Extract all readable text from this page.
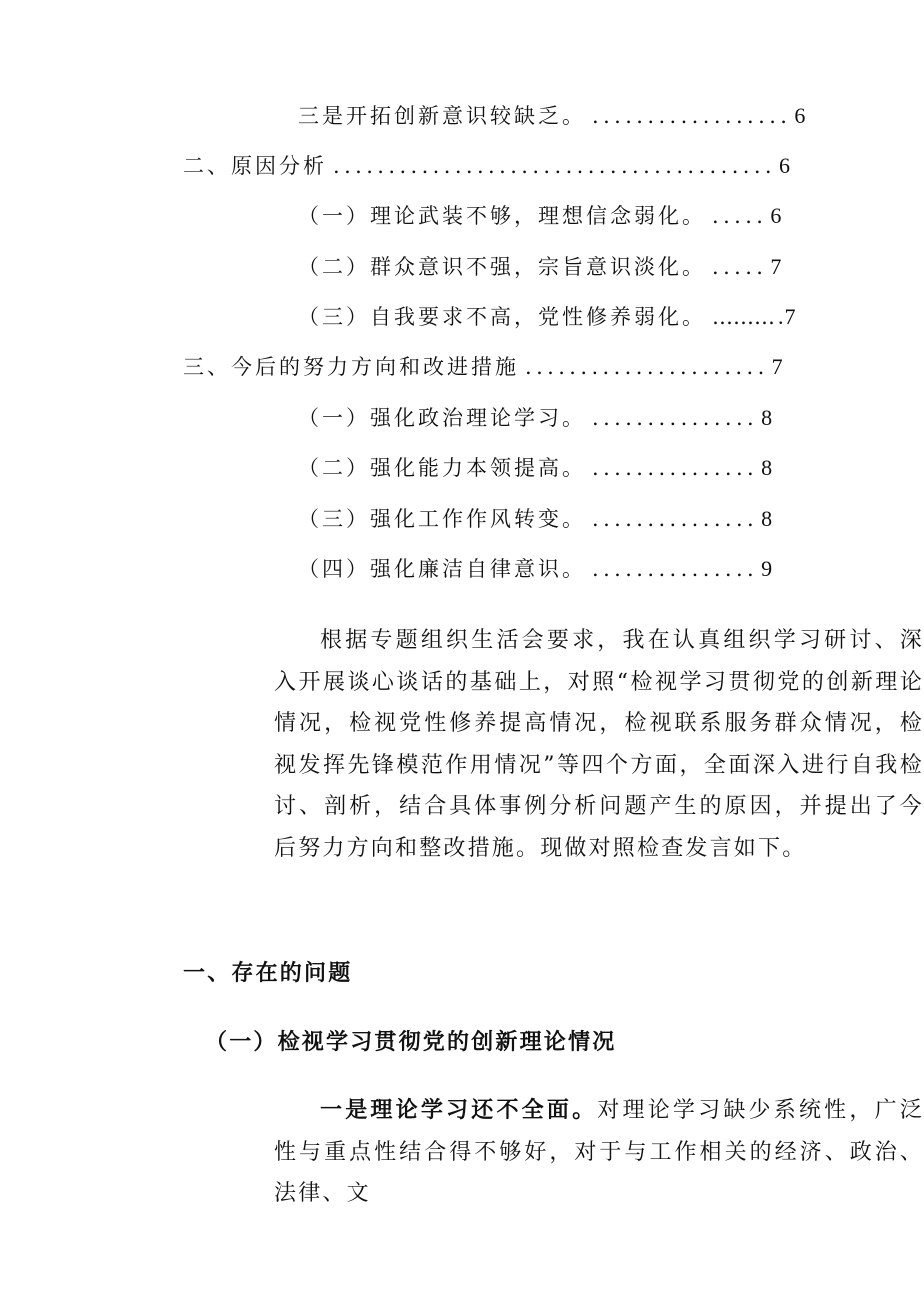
三是开拓创新意识较缺乏。 .................. 6
二、原因分析 ........................................ 6
（一）理论武装不够，理想信念弱化。 ..... 6
（二）群众意识不强，宗旨意识淡化。 ..... 7
（三）自我要求不高，党性修养弱化。 ……… .7
三、今后的努力方向和改进措施 ...................... 7
（一）强化政治理论学习。 ............... 8
（二）强化能力本领提高。 ............... 8
（三）强化工作作风转变。 ............... 8
（四）强化廉洁自律意识。 ............... 9

根据专题组织生活会要求，我在认真组织学习研讨、深入开展谈心谈话的基础上，对照“检视学习贯彻党的创新理论情况，检视党性修养提高情况，检视联系服务群众情况，检视发挥先锋模范作用情况”等四个方面，全面深入进行自我检讨、剖析，结合具体事例分析问题产生的原因，并提出了今后努力方向和整改措施。现做对照检查发言如下。

一、存在的问题
（一）检视学习贯彻党的创新理论情况

一是理论学习还不全面。对理论学习缺少系统性，广泛性与重点性结合得不够好，对于与工作相关的经济、政治、法律、文
